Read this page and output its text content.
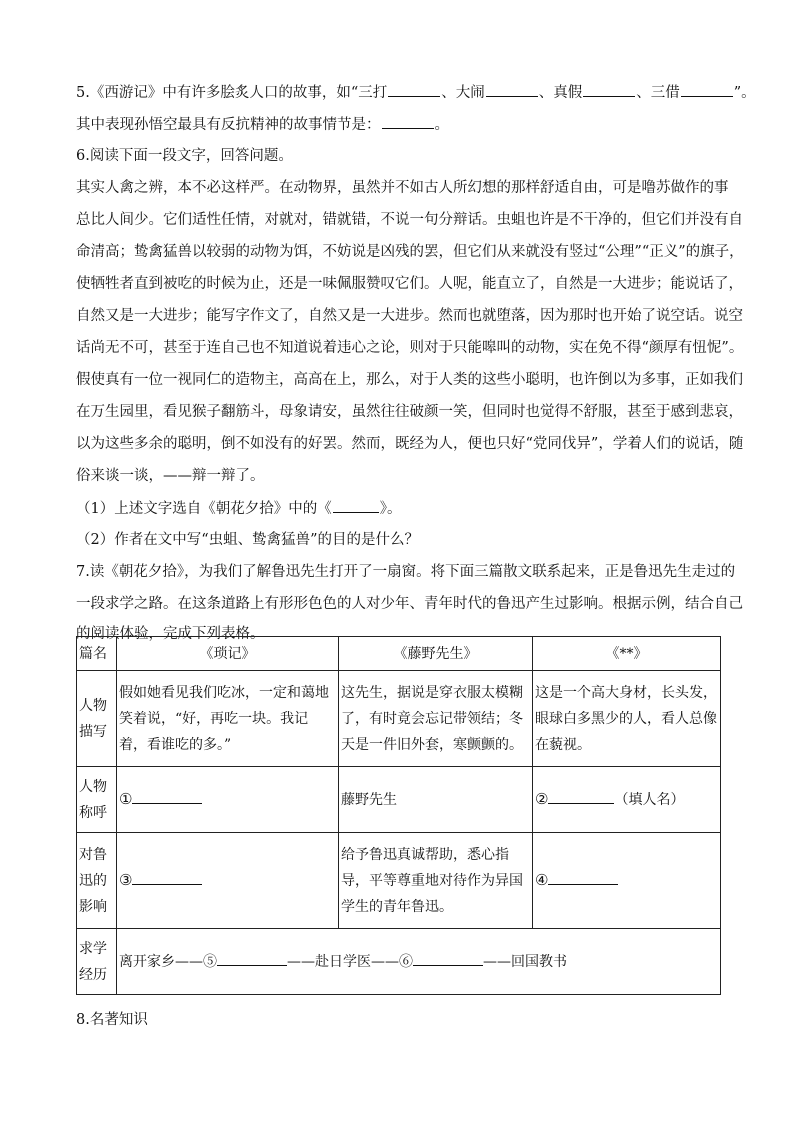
5.《西游记》中有许多脍炙人口的故事，如“三打	、大闹	、真假	、三借	”。
其中表现孙悟空最具有反抗精神的故事情节是：	。
6.阅读下面一段文字，回答问题。
其实人禽之辨，本不必这样严。在动物界，虽然并不如古人所幻想的那样舒适自由，可是噜苏做作的事
总比人间少。它们适性任情，对就对，错就错，不说一句分辩话。虫蛆也许是不干净的，但它们并没有自
命清高；鸷禽猛兽以较弱的动物为饵，不妨说是凶残的罢，但它们从来就没有竖过“公理”“正义”的旗子，
使牺牲者直到被吃的时候为止，还是一味佩服赞叹它们。人呢，能直立了，自然是一大进步；能说话了，
自然又是一大进步；能写字作文了，自然又是一大进步。然而也就堕落，因为那时也开始了说空话。说空
话尚无不可，甚至于连自己也不知道说着违心之论，则对于只能嗥叫的动物，实在免不得“颜厚有忸怩”。
假使真有一位一视同仁的造物主，高高在上，那么，对于人类的这些小聪明，也许倒以为多事，正如我们
在万生园里，看见猴子翻筋斗，母象请安，虽然往往破颜一笑，但同时也觉得不舒服，甚至于感到悲哀，
以为这些多余的聪明，倒不如没有的好罢。然而，既经为人，便也只好“党同伐异”，学着人们的说话，随
俗来谈一谈，——辩一辩了。
（1）上述文字选自《朝花夕拾》中的《	》。
（2）作者在文中写“虫蛆、鸷禽猛兽”的目的是什么？
7.读《朝花夕拾》，为我们了解鲁迅先生打开了一扇窗。将下面三篇散文联系起来，正是鲁迅先生走过的
一段求学之路。在这条道路上有形形色色的人对少年、青年时代的鲁迅产生过影响。根据示例，结合自己
的阅读体验，完成下列表格。
篇名	《琐记》	《藤野先生》	《**》
人物描写	假如她看见我们吃冰，一定和蔼地笑着说，“好，再吃一块。我记着，看谁吃的多。”	这先生，据说是穿衣服太模糊了，有时竟会忘记带领结；冬天是一件旧外套，寒颤颤的。	这是一个高大身材，长头发，眼球白多黑少的人，看人总像在藐视。
人物称呼	①	藤野先生	② （填人名）
对鲁迅的影响	③	给予鲁迅真诚帮助，悉心指导，平等尊重地对待作为异国学生的青年鲁迅。	④
求学经历	离开家乡——⑤ ——赴日学医——⑥ ——回国教书		
8.名著知识
